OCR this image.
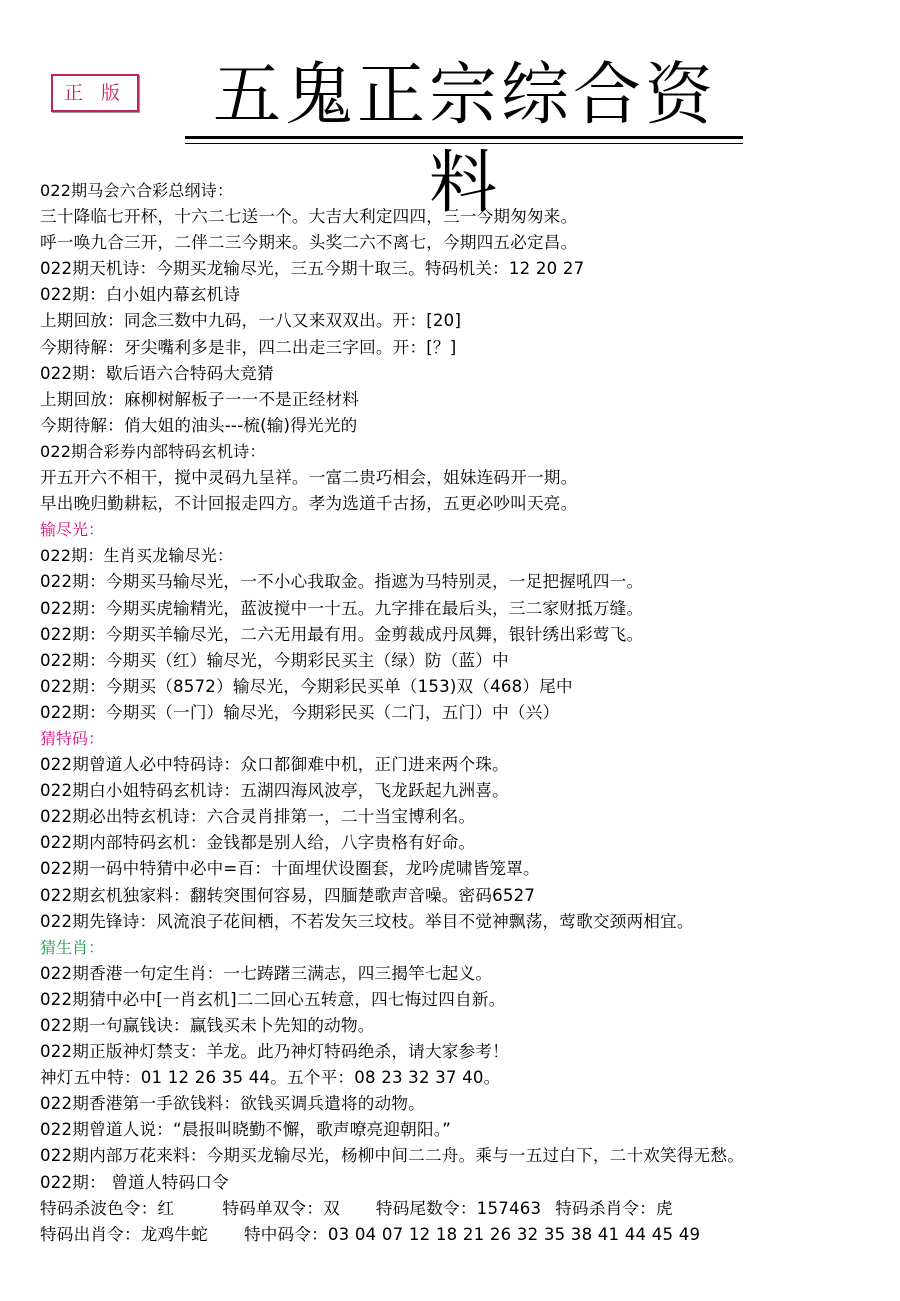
正 版	五鬼正宗综合资料
022期马会六合彩总纲诗：
三十降临七开杯，十六二七送一个。大吉大利定四四，三一今期匆匆来。
呼一唤九合三开，二伴二三今期来。头奖二六不离七，今期四五必定昌。
022期天机诗：今期买龙输尽光，三五今期十取三。特码机关：12 20 27
022期：白小姐内幕玄机诗
上期回放：同念三数中九码，一八又来双双出。开：[20]
今期待解：牙尖嘴利多是非，四二出走三字回。开：[？]
022期：歇后语六合特码大竞猜
上期回放：麻柳树解板子一一不是正经材料
今期待解：俏大姐的油头---梳(输)得光光的
022期合彩券内部特码玄机诗：
开五开六不相干，搅中灵码九呈祥。一富二贵巧相会，姐妹连码开一期。
早出晚归勤耕耘，不计回报走四方。孝为选道千古扬，五更必吵叫天亮。
输尽光：
022期：生肖买龙输尽光：
022期：今期买马输尽光，一不小心我取金。指遮为马特别灵，一足把握吼四一。
022期：今期买虎输精光，蓝波搅中一十五。九字排在最后头，三二家财抵万缝。
022期：今期买羊输尽光，二六无用最有用。金剪裁成丹凤舞，银针绣出彩莺飞。
022期：今期买（红）输尽光，今期彩民买主（绿）防（蓝）中
022期：今期买（8572）输尽光，今期彩民买单（153)双（468）尾中
022期：今期买（一门）输尽光，今期彩民买（二门，五门）中（兴）
猜特码：
022期曾道人必中特码诗：众口都御难中机，正门进来两个珠。
022期白小姐特码玄机诗：五湖四海风波亭，飞龙跃起九洲喜。
022期必出特玄机诗：六合灵肖排第一，二十当宝博利名。
022期内部特码玄机：金钱都是别人给，八字贵格有好命。
022期一码中特猜中必中=百：十面埋伏设圈套，龙吟虎啸皆笼罩。
022期玄机独家料：翻转突围何容易，四腼楚歌声音噪。密码6527
022期先锋诗：风流浪子花间栖，不若发矢三坟枝。举目不觉神飘荡，莺歌交颈两相宜。
猜生肖：
022期香港一句定生肖：一七踌躇三满志，四三揭竿七起义。
022期猜中必中[一肖玄机]二二回心五转意，四七悔过四自新。
022期一句赢钱诀：赢钱买未卜先知的动物。
022期正版神灯禁支：羊龙。此乃神灯特码绝杀，请大家参考！
神灯五中特：01 12 26 35 44。五个平：08 23 32 37 40。
022期香港第一手欲钱料：欲钱买调兵遣将的动物。
022期曾道人说：“晨报叫晓勤不懈，歌声嘹亮迎朝阳。”
022期内部万花来料：今期买龙输尽光，杨柳中间二二舟。乘与一五过白下，二十欢笑得无愁。
022期： 曾道人特码口令
特码杀波色令：红	特码单双令：双 特码尾数令：157463 特码杀肖令：虎
特码出肖令：龙鸡牛蛇 特中码令：03 04 07 12 18 21 26 32 35 38 41 44 45 49
